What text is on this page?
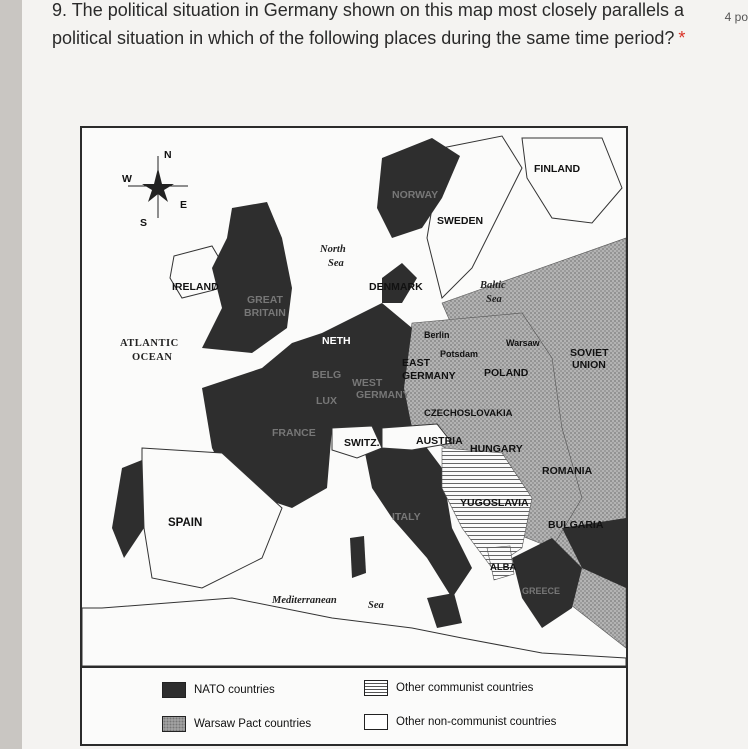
4 po
9. The political situation in Germany shown on this map most closely parallels a political situation in which of the following places during the same time period? *
N
S
E
W
FINLAND
NORWAY
SWEDEN
North
Sea
Baltic
Sea
IRELAND
GREAT
BRITAIN
DENMARK
ATLANTIC
OCEAN
NETH
BELG
LUX
WEST
GERMANY
Berlin
Potsdam
Warsaw
EAST
GERMANY	POLAND
SOVIET
UNION
CZECHOSLOVAKIA
FRANCE
SWITZ.	AUSTRIA
HUNGARY
ROMANIA
YUGOSLAVIA
SPAIN	ITALY
BULGARIA
ALBA
GREECE
Mediterranean	Sea
NATO countries	Other communist countries
Warsaw Pact countries	Other non-communist countries
